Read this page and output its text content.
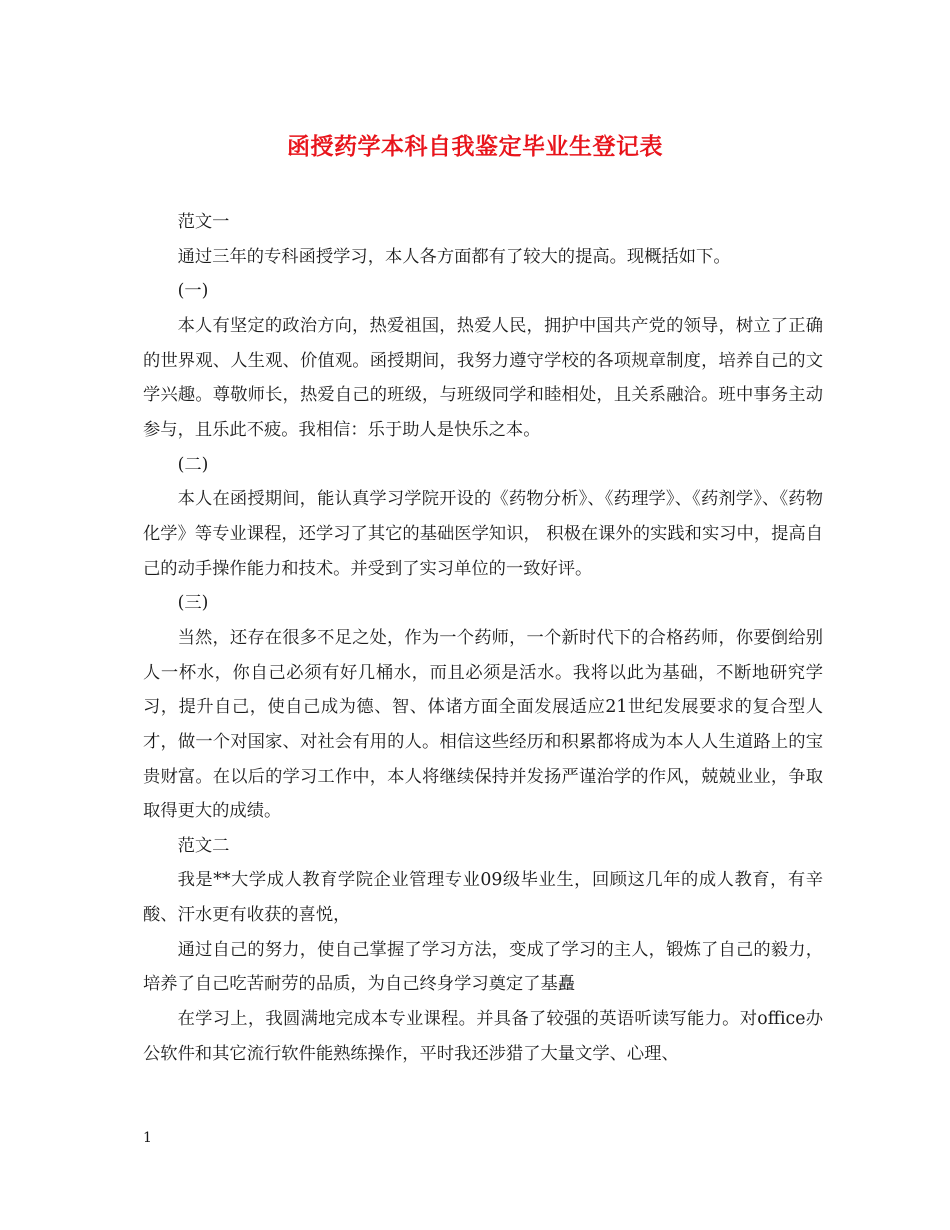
函授药学本科自我鉴定毕业生登记表

范文一

通过三年的专科函授学习，本人各方面都有了较大的提高。现概括如下。

(一)

本人有坚定的政治方向，热爱祖国，热爱人民，拥护中国共产党的领导，树立了正确的世界观、人生观、价值观。函授期间，我努力遵守学校的各项规章制度，培养自己的文学兴趣。尊敬师长，热爱自己的班级，与班级同学和睦相处，且关系融洽。班中事务主动参与，且乐此不疲。我相信：乐于助人是快乐之本。

(二)

本人在函授期间，能认真学习学院开设的《药物分析》、《药理学》、《药剂学》、《药物化学》等专业课程，还学习了其它的基础医学知识， 积极在课外的实践和实习中，提高自己的动手操作能力和技术。并受到了实习单位的一致好评。

(三)

当然，还存在很多不足之处，作为一个药师，一个新时代下的合格药师，你要倒给别人一杯水，你自己必须有好几桶水，而且必须是活水。我将以此为基础，不断地研究学习，提升自己，使自己成为德、智、体诸方面全面发展适应21世纪发展要求的复合型人才，做一个对国家、对社会有用的人。相信这些经历和积累都将成为本人人生道路上的宝贵财富。在以后的学习工作中，本人将继续保持并发扬严谨治学的作风，兢兢业业，争取取得更大的成绩。

范文二

我是**大学成人教育学院企业管理专业09级毕业生，回顾这几年的成人教育，有辛酸、汗水更有收获的喜悦，

通过自己的努力，使自己掌握了学习方法，变成了学习的主人，锻炼了自己的毅力，培养了自己吃苦耐劳的品质，为自己终身学习奠定了基矗

在学习上，我圆满地完成本专业课程。并具备了较强的英语听读写能力。对office办公软件和其它流行软件能熟练操作，平时我还涉猎了大量文学、心理、

1
